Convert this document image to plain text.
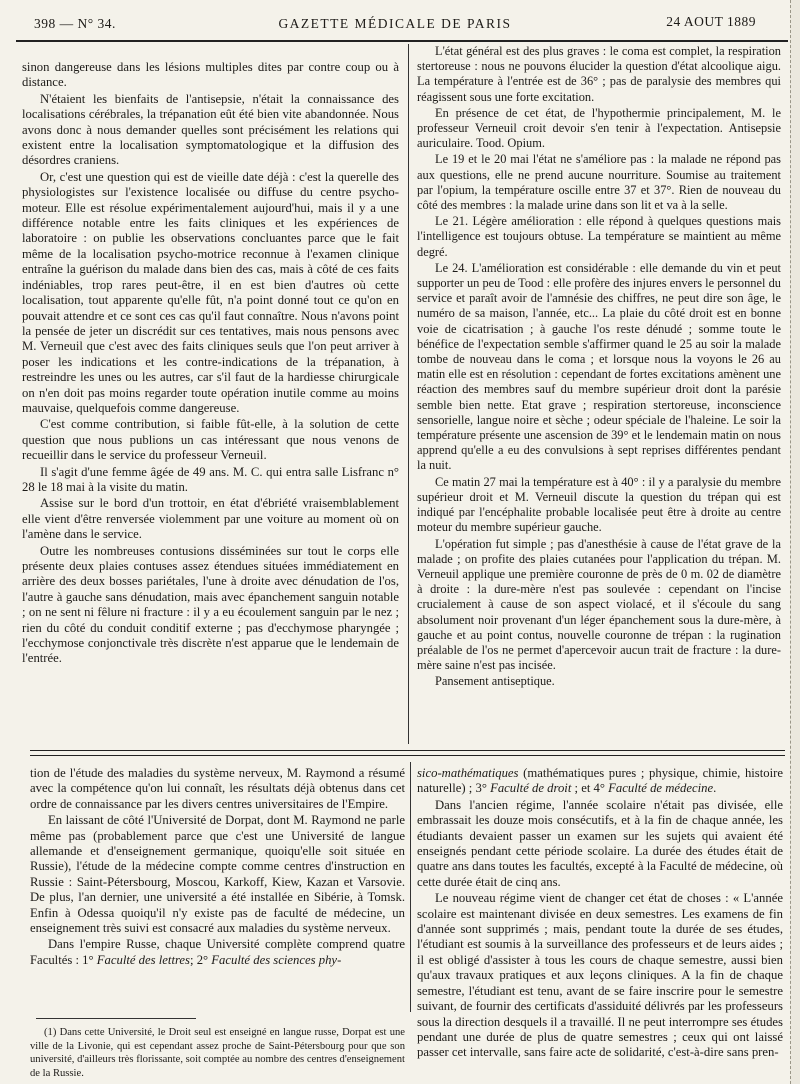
398 — N° 34.	GAZETTE MÉDICALE DE PARIS	24 AOUT 1889

sinon dangereuse dans les lésions multiples dites par contre coup ou à distance.

N'étaient les bienfaits de l'antisepsie, n'était la connaissance des localisations cérébrales, la trépanation eût été bien vite abandonnée. Nous avons donc à nous demander quelles sont précisément les relations qui existent entre la localisation symptomatologique et la diffusion des désordres craniens.

Or, c'est une question qui est de vieille date déjà : c'est la querelle des physiologistes sur l'existence localisée ou diffuse du centre psycho-moteur. Elle est résolue expérimentalement aujourd'hui, mais il y a une différence notable entre les faits cliniques et les expériences de laboratoire : on publie les observations concluantes parce que le fait même de la localisation psycho-motrice reconnue à l'examen clinique entraîne la guérison du malade dans bien des cas, mais à côté de ces faits indéniables, trop rares peut-être, il en est bien d'autres où cette localisation, tout apparente qu'elle fût, n'a point donné tout ce qu'on en pouvait attendre et ce sont ces cas qu'il faut connaître. Nous n'avons point la pensée de jeter un discrédit sur ces tentatives, mais nous pensons avec M. Verneuil que c'est avec des faits cliniques seuls que l'on peut arriver à poser les indications et les contre-indications de la trépanation, à restreindre les unes ou les autres, car s'il faut de la hardiesse chirurgicale on n'en doit pas moins regarder toute opération inutile comme au moins mauvaise, quelquefois comme dangereuse.

C'est comme contribution, si faible fût-elle, à la solution de cette question que nous publions un cas intéressant que nous venons de recueillir dans le service du professeur Verneuil.

Il s'agit d'une femme âgée de 49 ans. M. C. qui entra salle Lisfranc n° 28 le 18 mai à la visite du matin.

Assise sur le bord d'un trottoir, en état d'ébriété vraisemblablement elle vient d'être renversée violemment par une voiture au moment où on l'amène dans le service.

Outre les nombreuses contusions disséminées sur tout le corps elle présente deux plaies contuses assez étendues situées immédiatement en arrière des deux bosses pariétales, l'une à droite avec dénudation de l'os, l'autre à gauche sans dénudation, mais avec épanchement sanguin notable ; on ne sent ni fêlure ni fracture : il y a eu écoulement sanguin par le nez ; rien du côté du conduit conditif externe ; pas d'ecchymose pharyngée ; l'ecchymose conjonctivale très discrète n'est apparue que le lendemain de l'entrée.

L'état général est des plus graves : le coma est complet, la respiration stertoreuse : nous ne pouvons élucider la question d'état alcoolique aigu. La température à l'entrée est de 36° ; pas de paralysie des membres qui réagissent sous une forte excitation.

En présence de cet état, de l'hypothermie principalement, M. le professeur Verneuil croit devoir s'en tenir à l'expectation. Antisepsie auriculaire. Tood. Opium.

Le 19 et le 20 mai l'état ne s'améliore pas : la malade ne répond pas aux questions, elle ne prend aucune nourriture. Soumise au traitement par l'opium, la température oscille entre 37 et 37°. Rien de nouveau du côté des membres : la malade urine dans son lit et va à la selle.

Le 21. Légère amélioration : elle répond à quelques questions mais l'intelligence est toujours obtuse. La température se maintient au même degré.

Le 24. L'amélioration est considérable : elle demande du vin et peut supporter un peu de Tood : elle profère des injures envers le personnel du service et paraît avoir de l'amnésie des chiffres, ne peut dire son âge, le numéro de sa maison, l'année, etc... La plaie du côté droit est en bonne voie de cicatrisation ; à gauche l'os reste dénudé ; somme toute le bénéfice de l'expectation semble s'affirmer quand le 25 au soir la malade tombe de nouveau dans le coma ; et lorsque nous la voyons le 26 au matin elle est en résolution : cependant de fortes excitations amènent une réaction des membres sauf du membre supérieur droit dont la parésie semble bien nette. Etat grave ; respiration stertoreuse, inconscience sensorielle, langue noire et sèche ; odeur spéciale de l'haleine. Le soir la température présente une ascension de 39° et le lendemain matin on nous apprend qu'elle a eu des convulsions à sept reprises différentes pendant la nuit.

Ce matin 27 mai la température est à 40° : il y a paralysie du membre supérieur droit et M. Verneuil discute la question du trépan qui est indiqué par l'encéphalite probable localisée peut être à droite au centre moteur du membre supérieur gauche.

L'opération fut simple ; pas d'anesthésie à cause de l'état grave de la malade ; on profite des plaies cutanées pour l'application du trépan. M. Verneuil applique une première couronne de près de 0 m. 02 de diamètre à droite : la dure-mère n'est pas soulevée : cependant on l'incise crucialement à cause de son aspect violacé, et il s'écoule du sang absolument noir provenant d'un léger épanchement sous la dure-mère, à gauche et au point contus, nouvelle couronne de trépan : la rugination préalable de l'os ne permet d'apercevoir aucun trait de fracture : la dure-mère saine n'est pas incisée.

Pansement antiseptique.

tion de l'étude des maladies du système nerveux, M. Raymond a résumé avec la compétence qu'on lui connaît, les résultats déjà obtenus dans cet ordre de connaissance par les divers centres universitaires de l'Empire.

En laissant de côté l'Université de Dorpat, dont M. Raymond ne parle même pas (probablement parce que c'est une Université de langue allemande et d'enseignement germanique, quoiqu'elle soit située en Russie), l'étude de la médecine compte comme centres d'instruction en Russie : Saint-Pétersbourg, Moscou, Karkoff, Kiew, Kazan et Varsovie. De plus, l'an dernier, une université a été installée en Sibérie, à Tomsk. Enfin à Odessa quoiqu'il n'y existe pas de faculté de médecine, un enseignement très suivi est consacré aux maladies du système nerveux.

Dans l'empire Russe, chaque Université complète comprend quatre Facultés : 1° Faculté des lettres; 2° Faculté des sciences phy-

sico-mathématiques (mathématiques pures ; physique, chimie, histoire naturelle) ; 3° Faculté de droit ; et 4° Faculté de médecine.

Dans l'ancien régime, l'année scolaire n'était pas divisée, elle embrassait les douze mois consécutifs, et à la fin de chaque année, les étudiants devaient passer un examen sur les sujets qui avaient été enseignés pendant cette période scolaire. La durée des études était de quatre ans dans toutes les facultés, excepté à la Faculté de médecine, où cette durée était de cinq ans.

Le nouveau régime vient de changer cet état de choses : « L'année scolaire est maintenant divisée en deux semestres. Les examens de fin d'année sont supprimés ; mais, pendant toute la durée de ses études, l'étudiant est soumis à la surveillance des professeurs et de leurs aides ; il est obligé d'assister à tous les cours de chaque semestre, aussi bien qu'aux travaux pratiques et aux leçons cliniques. A la fin de chaque semestre, l'étudiant est tenu, avant de se faire inscrire pour le semestre suivant, de fournir des certificats d'assiduité délivrés par les professeurs sous la direction desquels il a travaillé. Il ne peut interrompre ses études pendant une durée de plus de quatre semestres ; ceux qui ont laissé passer cet intervalle, sans faire acte de solidarité, c'est-à-dire sans pren-

(1) Dans cette Université, le Droit seul est enseigné en langue russe, Dorpat est une ville de la Livonie, qui est cependant assez proche de Saint-Pétersbourg pour que son université, d'ailleurs très florissante, soit comptée au nombre des centres d'enseignement de la Russie.
